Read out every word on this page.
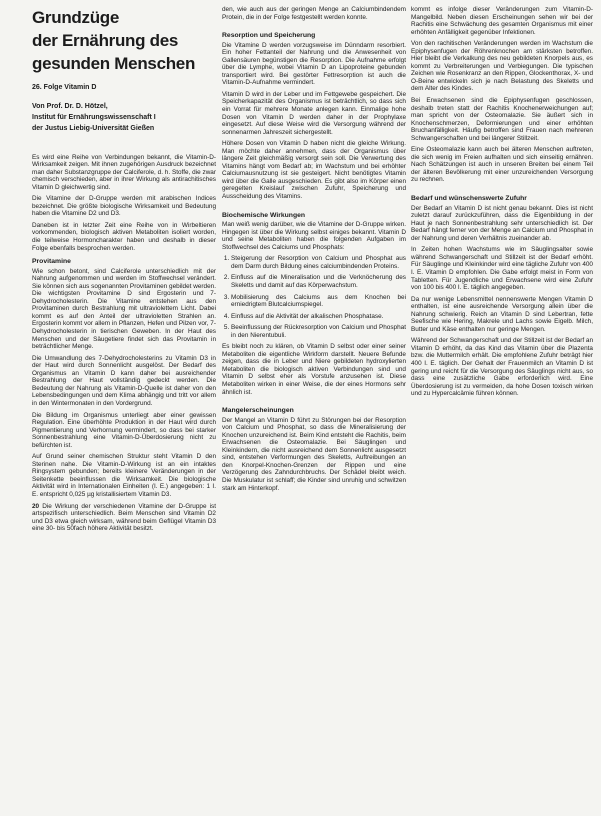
Grundzüge
der Ernährung des
gesunden Menschen
26. Folge Vitamin D
Von Prof. Dr. D. Hötzel,
Institut für Ernährungswissenschaft I
der Justus Liebig-Universität Gießen

Es wird eine Reihe von Verbindungen bekannt, die Vitamin-D-Wirksamkeit zeigen. Mit ihnen zugehörigen Ausdruck bezeichnet man daher Substanzgruppe der Calciferole, d. h. Stoffe, die zwar chemisch verschieden, aber in ihrer Wirkung als antirachitisches Vitamin D gleichwertig sind.

Die Vitamine der D-Gruppe werden mit arabischen Indices bezeichnet. Die größte biologische Wirksamkeit und Bedeutung haben die Vitamine D2 und D3.

Daneben ist in letzter Zeit eine Reihe von in Wirbeltieren vorkommenden, biologisch aktiven Metaboliten isoliert worden, die teilweise Hormoncharakter haben und deshalb in dieser Folge ebenfalls besprochen werden.

Provitamine

Wie schon betont, sind Calciferole unterschiedlich mit der Nahrung aufgenommen und werden im Stoffwechsel verändert. Sie können sich aus sogenannten Provitaminen gebildet werden. Die wichtigsten Provitamine D sind Ergosterin und 7-Dehydrocholesterin. Die Vitamine entstehen aus den Provitaminen durch Bestrahlung mit ultraviolettem Licht. Dabei kommt es auf den Anteil der ultravioletten Strahlen an. Ergosterin kommt vor allem in Pflanzen, Hefen und Pilzen vor, 7-Dehydrocholesterin in tierischen Geweben. In der Haut des Menschen und der Säugetiere findet sich das Provitamin in beträchtlicher Menge.

Die Umwandlung des 7-Dehydrocholesterins zu Vitamin D3 in der Haut wird durch Sonnenlicht ausgelöst. Der Bedarf des Organismus an Vitamin D kann daher bei ausreichender Bestrahlung der Haut vollständig gedeckt werden. Die Bedeutung der Nahrung als Vitamin-D-Quelle ist daher von den Lebensbedingungen und dem Klima abhängig und tritt vor allem in den Wintermonaten in den Vordergrund.

Die Bildung im Organismus unterliegt aber einer gewissen Regulation. Eine überhöhte Produktion in der Haut wird durch Pigmentierung und Verhornung vermindert, so dass bei starker Sonnenbestrahlung eine Vitamin-D-Überdosierung nicht zu befürchten ist.

Auf Grund seiner chemischen Struktur steht Vitamin D den Sterinen nahe. Die Vitamin-D-Wirkung ist an ein intaktes Ringsystem gebunden; bereits kleinere Veränderungen in der Seitenkette beeinflussen die Wirksamkeit. Die biologische Aktivität wird in Internationalen Einheiten (I. E.) angegeben: 1 I. E. entspricht 0,025 µg kristallisiertem Vitamin D3.

20 Die Wirkung der verschiedenen Vitamine der D-Gruppe ist artspezifisch unterschiedlich. Beim Menschen sind Vitamin D2 und D3 etwa gleich wirksam, während beim Geflügel Vitamin D3 eine 30- bis 50fach höhere Aktivität besitzt.

den, wie auch aus der geringen Menge an Calciumbindendem Protein, die in der Folge festgestellt werden konnte.

Resorption und Speicherung

Die Vitamine D werden vorzugsweise im Dünndarm resorbiert. Ein hoher Fettanteil der Nahrung und die Anwesenheit von Gallensäuren begünstigen die Resorption. Die Aufnahme erfolgt über die Lymphe, wobei Vitamin D an Lipoproteine gebunden transportiert wird. Bei gestörter Fettresorption ist auch die Vitamin-D-Aufnahme vermindert.

Vitamin D wird in der Leber und im Fettgewebe gespeichert. Die Speicherkapazität des Organismus ist beträchtlich, so dass sich ein Vorrat für mehrere Monate anlegen kann. Einmalige hohe Dosen von Vitamin D werden daher in der Prophylaxe eingesetzt. Auf diese Weise wird die Versorgung während der sonnenarmen Jahreszeit sichergestellt.

Höhere Dosen von Vitamin D haben nicht die gleiche Wirkung. Man möchte daher annehmen, dass der Organismus über längere Zeit gleichmäßig versorgt sein soll. Die Verwertung des Vitamins hängt vom Bedarf ab; im Wachstum und bei erhöhter Calciumausnutzung ist sie gesteigert. Nicht benötigtes Vitamin wird über die Galle ausgeschieden. Es gibt also im Körper einen geregelten Kreislauf zwischen Zufuhr, Speicherung und Ausscheidung des Vitamins.

Biochemische Wirkungen

Man weiß wenig darüber, wie die Vitamine der D-Gruppe wirken. Hingegen ist über die Wirkung selbst einiges bekannt. Vitamin D und seine Metaboliten haben die folgenden Aufgaben im Stoffwechsel des Calciums und Phosphats:

1. Steigerung der Resorption von Calcium und Phosphat aus dem Darm durch Bildung eines calciumbindenden Proteins.
2. Einfluss auf die Mineralisation und die Verknöcherung des Skeletts und damit auf das Körperwachstum.
3. Mobilisierung des Calciums aus dem Knochen bei erniedrigtem Blutcalciumspiegel.
4. Einfluss auf die Aktivität der alkalischen Phosphatase.
5. Beeinflussung der Rückresorption von Calcium und Phosphat in den Nierentubuli.

Es bleibt noch zu klären, ob Vitamin D selbst oder einer seiner Metaboliten die eigentliche Wirkform darstellt. Neuere Befunde zeigen, dass die in Leber und Niere gebildeten hydroxylierten Metaboliten die biologisch aktiven Verbindungen sind und Vitamin D selbst eher als Vorstufe anzusehen ist. Diese Metaboliten wirken in einer Weise, die der eines Hormons sehr ähnlich ist.

Mangelerscheinungen

Der Mangel an Vitamin D führt zu Störungen bei der Resorption von Calcium und Phosphat, so dass die Mineralisierung der Knochen unzureichend ist. Beim Kind entsteht die Rachitis, beim Erwachsenen die Osteomalazie. Bei Säuglingen und Kleinkindern, die nicht ausreichend dem Sonnenlicht ausgesetzt sind, entstehen Verformungen des Skeletts, Auftreibungen an den Knorpel-Knochen-Grenzen der Rippen und eine Verzögerung des Zahndurchbruchs. Der Schädel bleibt weich. Die Muskulatur ist schlaff; die Kinder sind unruhig und schwitzen stark am Hinterkopf.

kommt es infolge dieser Veränderungen zum Vitamin-D-Mangelbild. Neben diesen Erscheinungen sehen wir bei der Rachitis eine Schwächung des gesamten Organismus mit einer erhöhten Anfälligkeit gegenüber Infektionen.

Von den rachitischen Veränderungen werden im Wachstum die Epiphysenfugen der Röhrenknochen am stärksten betroffen. Hier bleibt die Verkalkung des neu gebildeten Knorpels aus, es kommt zu Verbreiterungen und Verbiegungen. Die typischen Zeichen wie Rosenkranz an den Rippen, Glockenthorax, X- und O-Beine entwickeln sich je nach Belastung des Skeletts und dem Alter des Kindes.

Bei Erwachsenen sind die Epiphysenfugen geschlossen, deshalb treten statt der Rachitis Knochenerweichungen auf; man spricht von der Osteomalazie. Sie äußert sich in Knochenschmerzen, Deformierungen und einer erhöhten Bruchanfälligkeit. Häufig betroffen sind Frauen nach mehreren Schwangerschaften und bei längerer Stillzeit.

Eine Osteomalazie kann auch bei älteren Menschen auftreten, die sich wenig im Freien aufhalten und sich einseitig ernähren. Nach Schätzungen ist auch in unseren Breiten bei einem Teil der älteren Bevölkerung mit einer unzureichenden Versorgung zu rechnen.

Bedarf und wünschenswerte Zufuhr

Der Bedarf an Vitamin D ist nicht genau bekannt. Dies ist nicht zuletzt darauf zurückzuführen, dass die Eigenbildung in der Haut je nach Sonnenbestrahlung sehr unterschiedlich ist. Der Bedarf hängt ferner von der Menge an Calcium und Phosphat in der Nahrung und deren Verhältnis zueinander ab.

In Zeiten hohen Wachstums wie im Säuglingsalter sowie während Schwangerschaft und Stillzeit ist der Bedarf erhöht. Für Säuglinge und Kleinkinder wird eine tägliche Zufuhr von 400 I. E. Vitamin D empfohlen. Die Gabe erfolgt meist in Form von Tabletten. Für Jugendliche und Erwachsene wird eine Zufuhr von 100 bis 400 I. E. täglich angegeben.

Da nur wenige Lebensmittel nennenswerte Mengen Vitamin D enthalten, ist eine ausreichende Versorgung allein über die Nahrung schwierig. Reich an Vitamin D sind Lebertran, fette Seefische wie Hering, Makrele und Lachs sowie Eigelb. Milch, Butter und Käse enthalten nur geringe Mengen.

Während der Schwangerschaft und der Stillzeit ist der Bedarf an Vitamin D erhöht, da das Kind das Vitamin über die Plazenta bzw. die Muttermilch erhält. Die empfohlene Zufuhr beträgt hier 400 I. E. täglich. Der Gehalt der Frauenmilch an Vitamin D ist gering und reicht für die Versorgung des Säuglings nicht aus, so dass eine zusätzliche Gabe erforderlich wird. Eine Überdosierung ist zu vermeiden, da hohe Dosen toxisch wirken und zu Hypercalcämie führen können.
